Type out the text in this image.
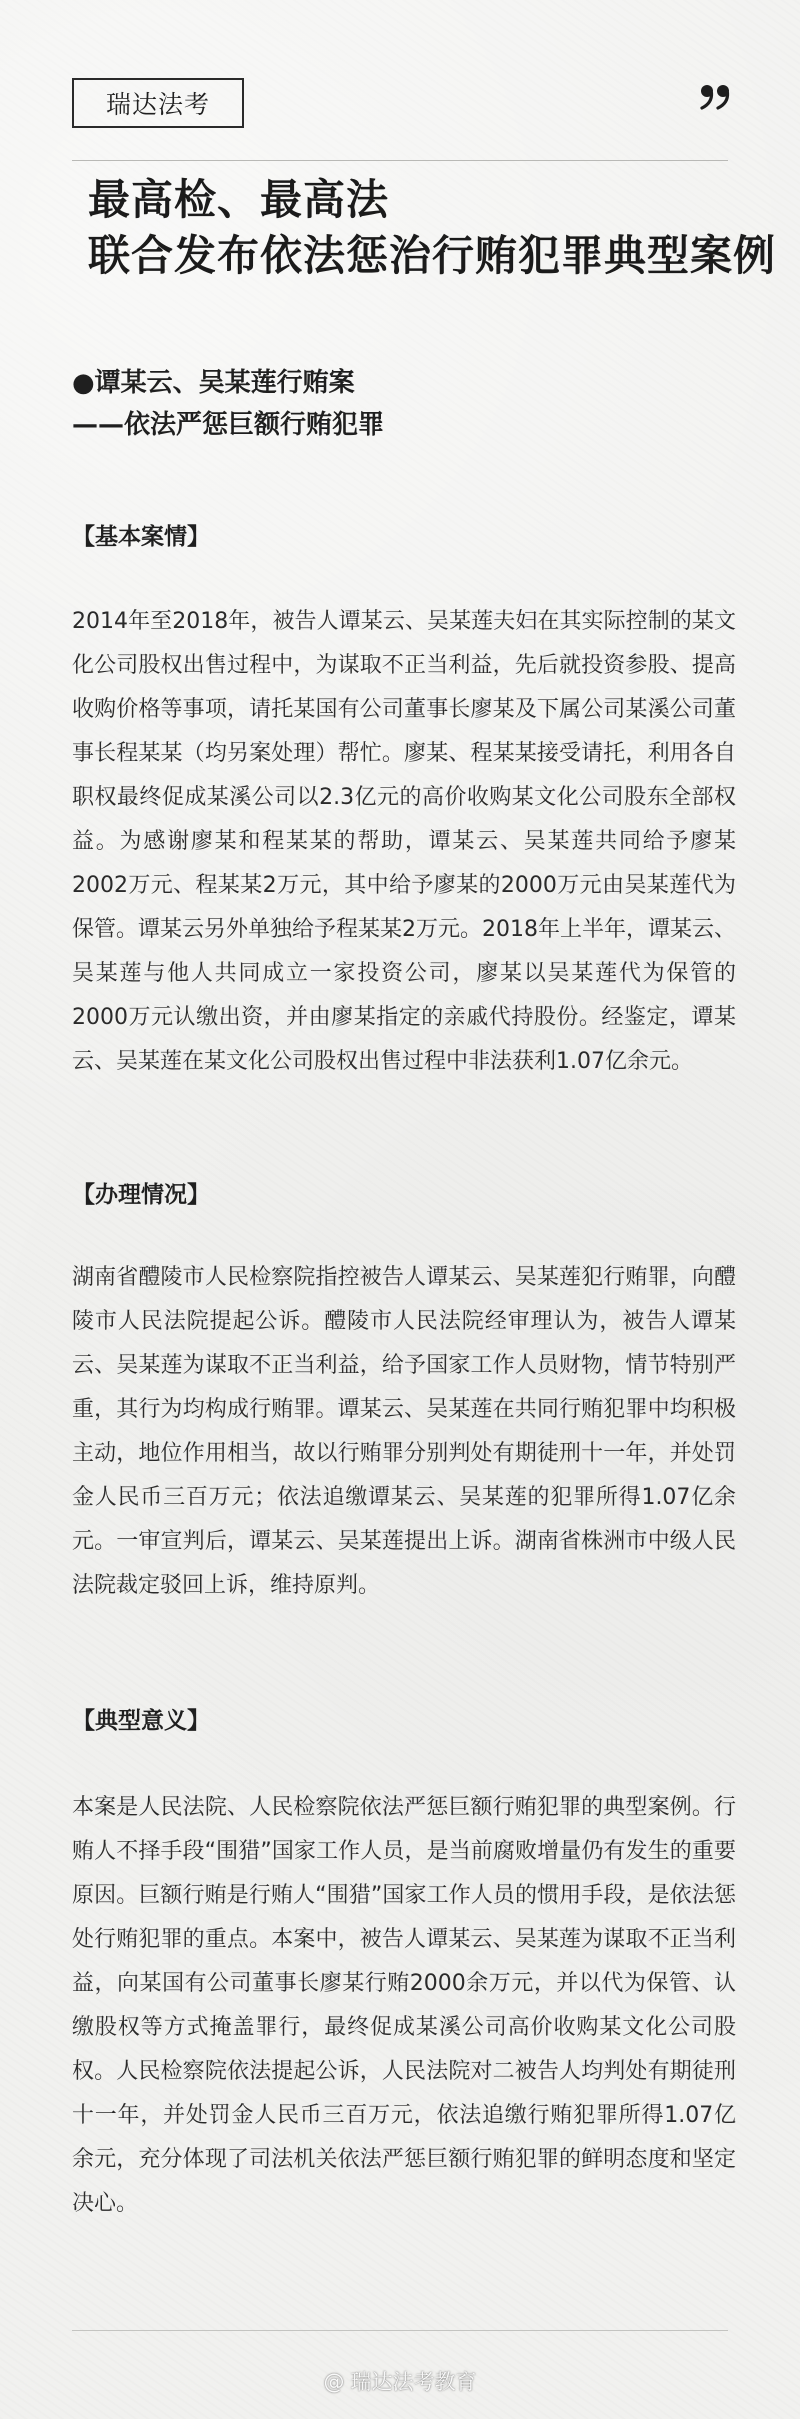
瑞达法考
最高检、最高法
联合发布依法惩治行贿犯罪典型案例
●谭某云、吴某莲行贿案
——依法严惩巨额行贿犯罪
【基本案情】
2014年至2018年，被告人谭某云、吴某莲夫妇在其实际控制的某文化公司股权出售过程中，为谋取不正当利益，先后就投资参股、提高收购价格等事项，请托某国有公司董事长廖某及下属公司某溪公司董事长程某某（均另案处理）帮忙。廖某、程某某接受请托，利用各自职权最终促成某溪公司以2.3亿元的高价收购某文化公司股东全部权益。为感谢廖某和程某某的帮助，谭某云、吴某莲共同给予廖某2002万元、程某某2万元，其中给予廖某的2000万元由吴某莲代为保管。谭某云另外单独给予程某某2万元。2018年上半年，谭某云、吴某莲与他人共同成立一家投资公司，廖某以吴某莲代为保管的2000万元认缴出资，并由廖某指定的亲戚代持股份。经鉴定，谭某云、吴某莲在某文化公司股权出售过程中非法获利1.07亿余元。
【办理情况】
湖南省醴陵市人民检察院指控被告人谭某云、吴某莲犯行贿罪，向醴陵市人民法院提起公诉。醴陵市人民法院经审理认为，被告人谭某云、吴某莲为谋取不正当利益，给予国家工作人员财物，情节特别严重，其行为均构成行贿罪。谭某云、吴某莲在共同行贿犯罪中均积极主动，地位作用相当，故以行贿罪分别判处有期徒刑十一年，并处罚金人民币三百万元；依法追缴谭某云、吴某莲的犯罪所得1.07亿余元。一审宣判后，谭某云、吴某莲提出上诉。湖南省株洲市中级人民法院裁定驳回上诉，维持原判。
【典型意义】
本案是人民法院、人民检察院依法严惩巨额行贿犯罪的典型案例。行贿人不择手段“围猎”国家工作人员，是当前腐败增量仍有发生的重要原因。巨额行贿是行贿人“围猎”国家工作人员的惯用手段，是依法惩处行贿犯罪的重点。本案中，被告人谭某云、吴某莲为谋取不正当利益，向某国有公司董事长廖某行贿2000余万元，并以代为保管、认缴股权等方式掩盖罪行，最终促成某溪公司高价收购某文化公司股权。人民检察院依法提起公诉，人民法院对二被告人均判处有期徒刑十一年，并处罚金人民币三百万元，依法追缴行贿犯罪所得1.07亿余元，充分体现了司法机关依法严惩巨额行贿犯罪的鲜明态度和坚定决心。
@ 瑞达法考教育
